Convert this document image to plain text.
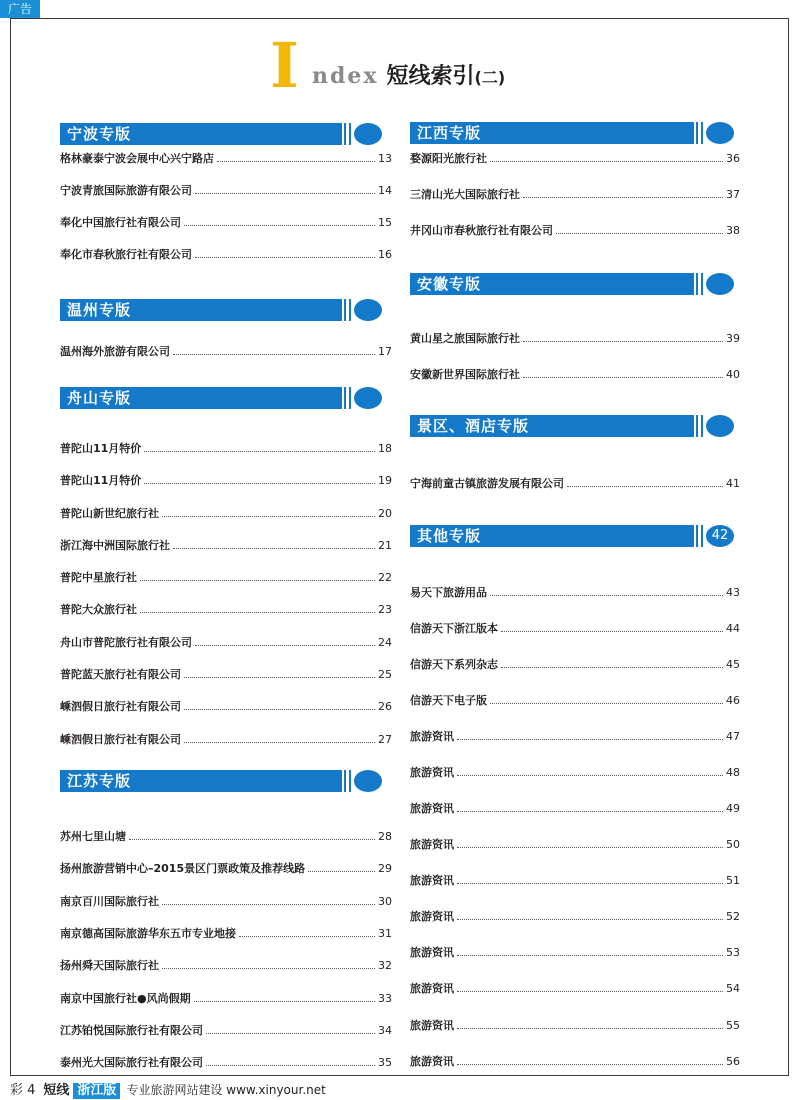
广告
I ndex 短线索引(二)
宁波专版
格林豪泰宁波会展中心兴宁路店	13
宁波青旅国际旅游有限公司	14
奉化中国旅行社有限公司	15
奉化市春秋旅行社有限公司	16
温州专版
温州海外旅游有限公司	17
舟山专版
普陀山11月特价	18
普陀山11月特价	19
普陀山新世纪旅行社	20
浙江海中洲国际旅行社	21
普陀中星旅行社	22
普陀大众旅行社	23
舟山市普陀旅行社有限公司	24
普陀蓝天旅行社有限公司	25
嵊泗假日旅行社有限公司	26
嵊泗假日旅行社有限公司	27
江苏专版
苏州七里山塘	28
扬州旅游营销中心–2015景区门票政策及推荐线路	29
南京百川国际旅行社	30
南京德高国际旅游华东五市专业地接	31
扬州舜天国际旅行社	32
南京中国旅行社●风尚假期	33
江苏铂悦国际旅行社有限公司	34
泰州光大国际旅行社有限公司	35
江西专版
婺源阳光旅行社	36
三清山光大国际旅行社	37
井冈山市春秋旅行社有限公司	38
安徽专版
黄山星之旅国际旅行社	39
安徽新世界国际旅行社	40
景区、酒店专版
宁海前童古镇旅游发展有限公司	41
其他专版	42
易天下旅游用品	43
信游天下浙江版本	44
信游天下系列杂志	45
信游天下电子版	46
旅游资讯	47
旅游资讯	48
旅游资讯	49
旅游资讯	50
旅游资讯	51
旅游资讯	52
旅游资讯	53
旅游资讯	54
旅游资讯	55
旅游资讯	56
彩 4 短线 浙江版 专业旅游网站建设 www.xinyour.net
